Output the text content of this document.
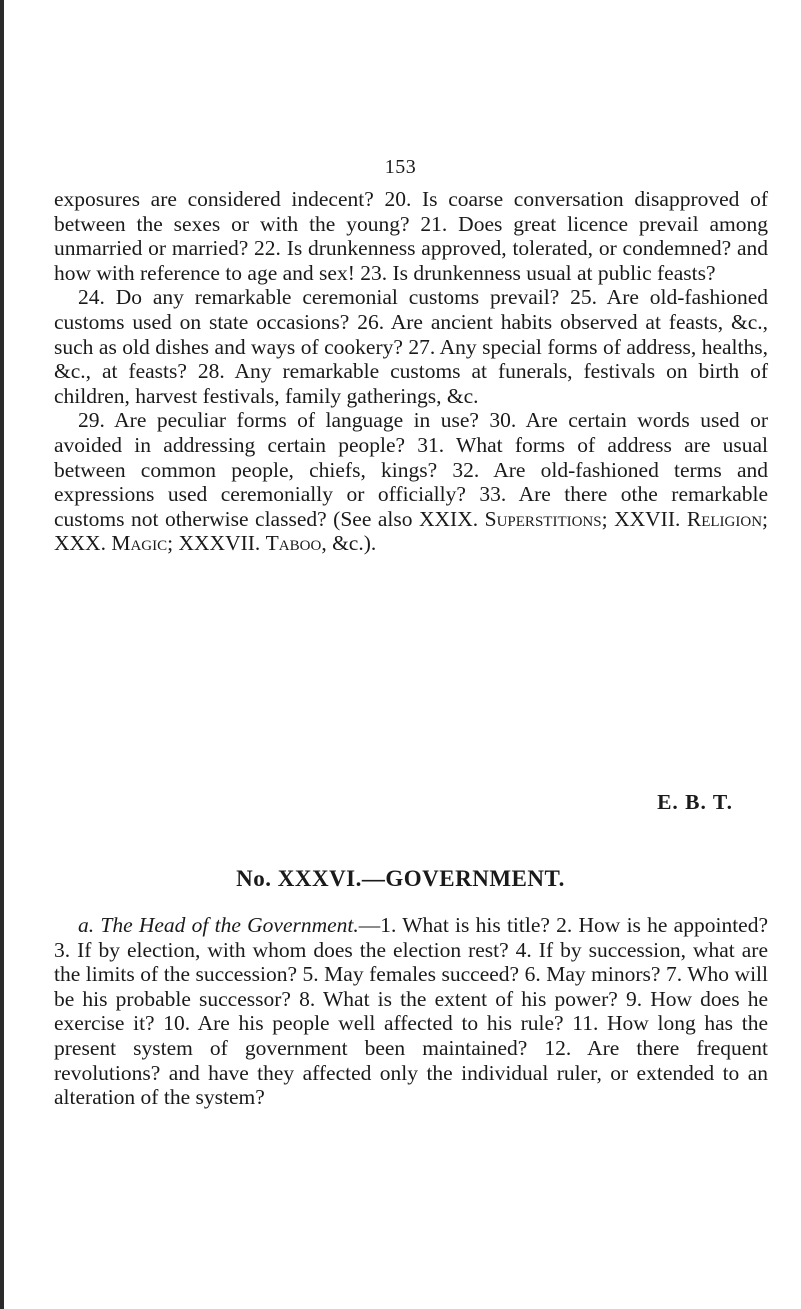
153

exposures are considered indecent? 20. Is coarse conversation disapproved of between the sexes or with the young? 21. Does great licence prevail among unmarried or married? 22. Is drunkenness approved, tolerated, or condemned? and how with reference to age and sex! 23. Is drunkenness usual at public feasts?

24. Do any remarkable ceremonial customs prevail? 25. Are old-fashioned customs used on state occasions? 26. Are ancient habits observed at feasts, &c., such as old dishes and ways of cookery? 27. Any special forms of address, healths, &c., at feasts? 28. Any remarkable customs at funerals, festivals on birth of children, harvest festivals, family gatherings, &c.

29. Are peculiar forms of language in use? 30. Are certain words used or avoided in addressing certain people? 31. What forms of address are usual between common people, chiefs, kings? 32. Are old-fashioned terms and expressions used ceremonially or officially? 33. Are there othe remarkable customs not otherwise classed? (See also XXIX. Superstitions; XXVII. Religion; XXX. Magic; XXXVII. Taboo, &c.).

E. B. T.
No. XXXVI.—GOVERNMENT.

a. The Head of the Government.—1. What is his title? 2. How is he appointed? 3. If by election, with whom does the election rest? 4. If by succession, what are the limits of the succession? 5. May females succeed? 6. May minors? 7. Who will be his probable successor? 8. What is the extent of his power? 9. How does he exercise it? 10. Are his people well affected to his rule? 11. How long has the present system of government been maintained? 12. Are there frequent revolutions? and have they affected only the individual ruler, or extended to an alteration of the system?
